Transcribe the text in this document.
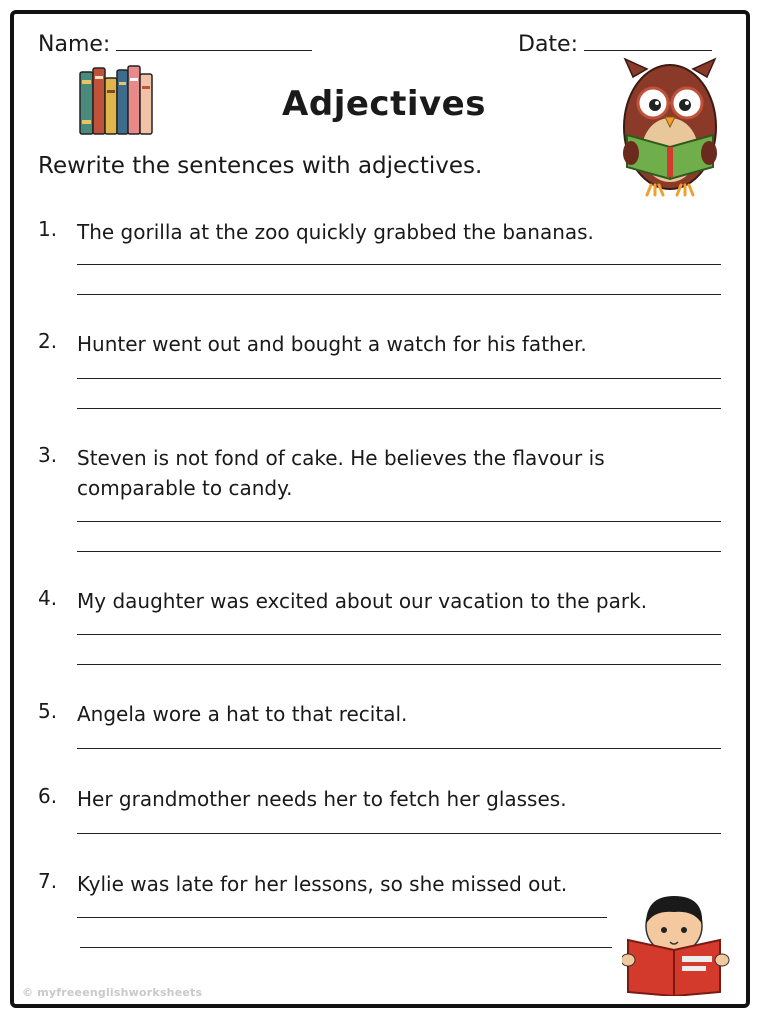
Name:	Date:
Adjectives
Rewrite the sentences with adjectives.
1. The gorilla at the zoo quickly grabbed the bananas.
2. Hunter went out and bought a watch for his father.
3. Steven is not fond of cake. He believes the flavour is comparable to candy.
4. My daughter was excited about our vacation to the park.
5. Angela wore a hat to that recital.
6. Her grandmother needs her to fetch her glasses.
7. Kylie was late for her lessons, so she missed out.
© myfreeenglishworksheets
